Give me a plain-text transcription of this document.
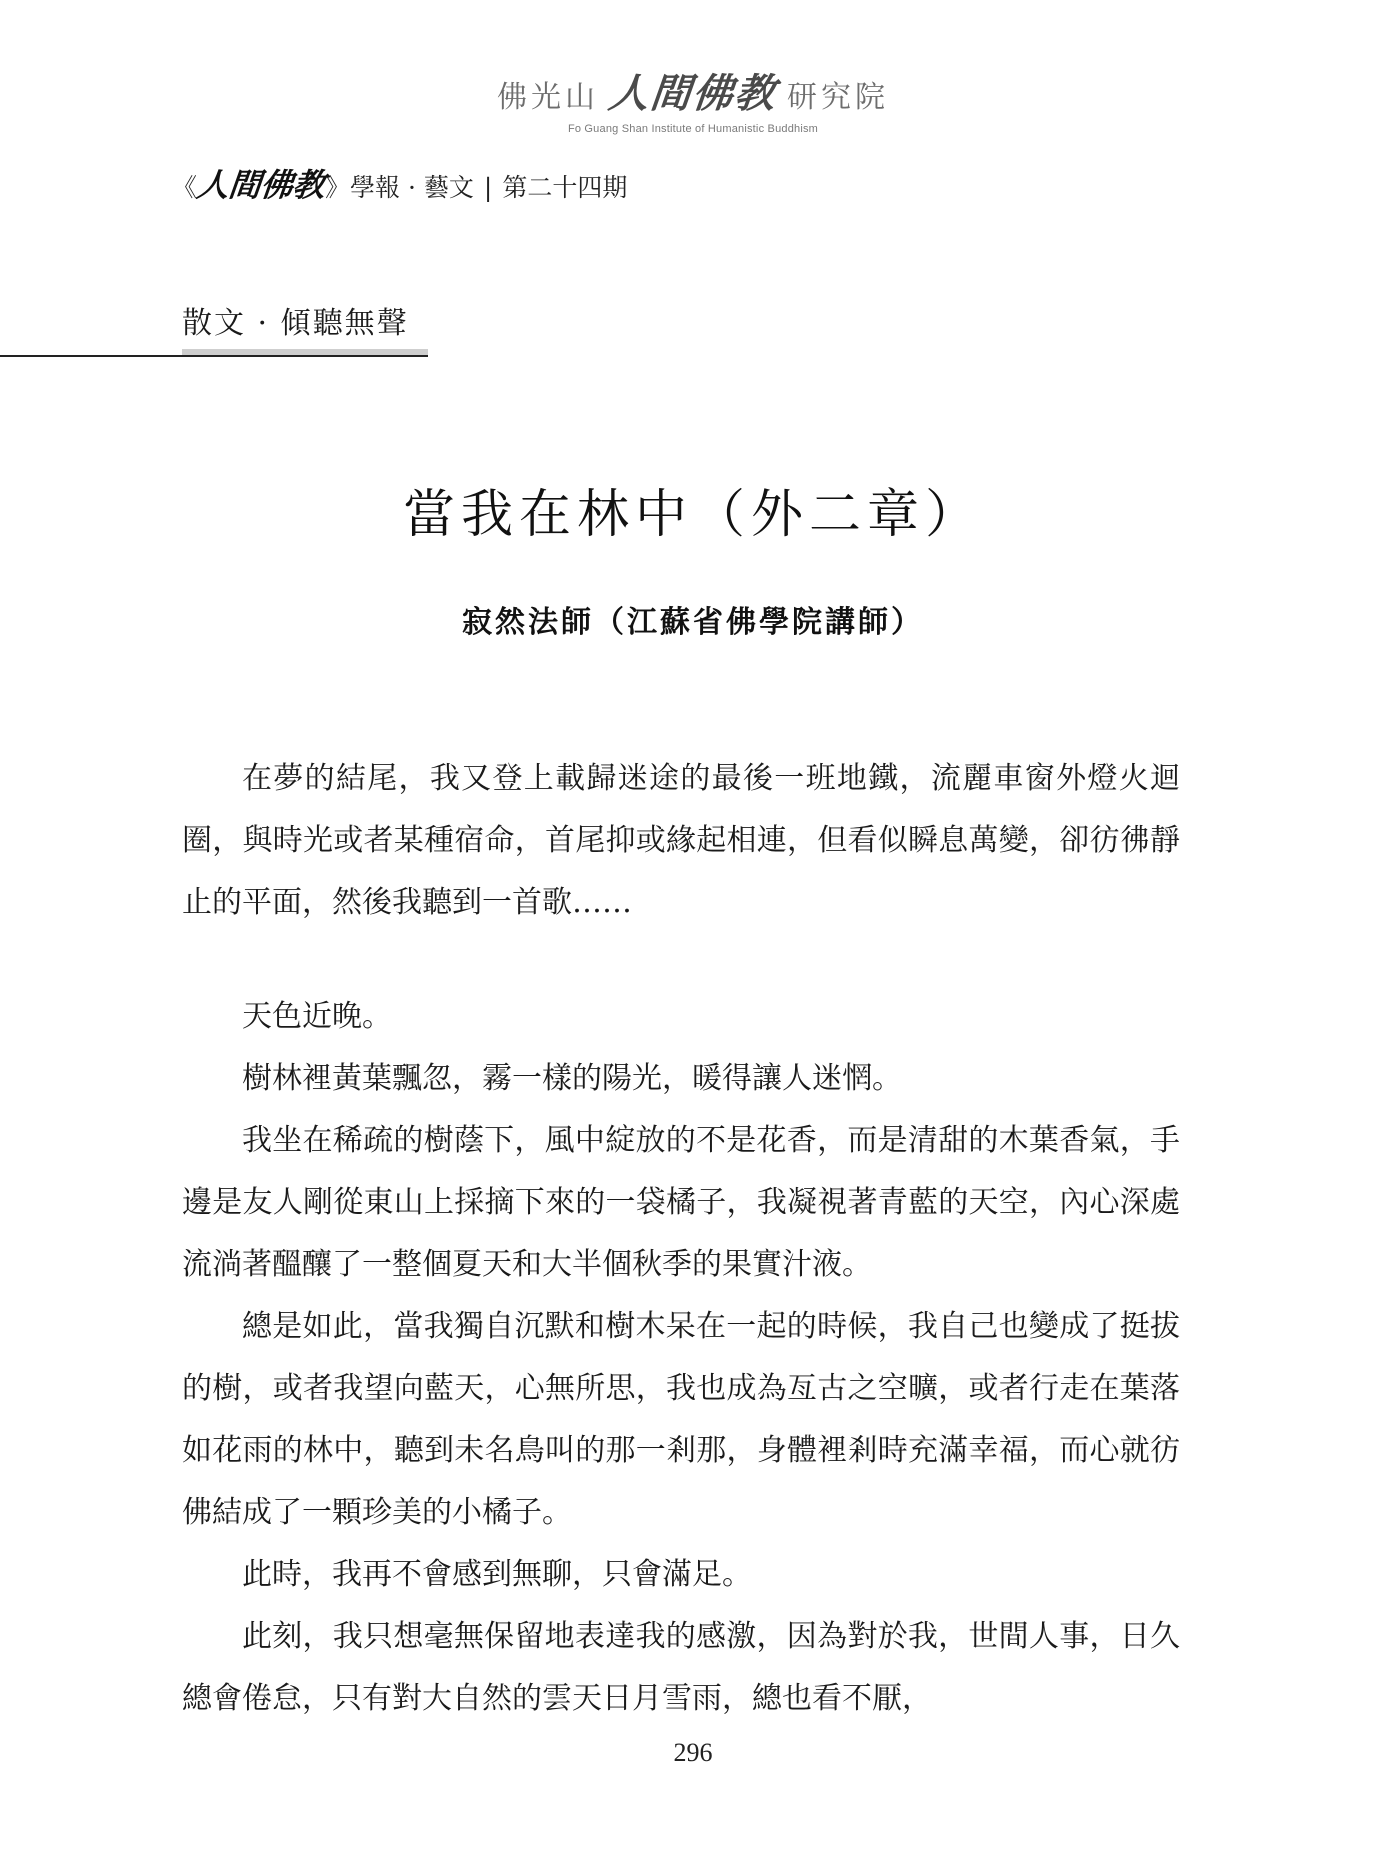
佛光山 人間佛教 研究院
Fo Guang Shan Institute of Humanistic Buddhism
《
人間佛教
》 學報 · 藝文 | 第二十四期
散文 · 傾聽無聲
當我在林中（外二章）
寂然法師（江蘇省佛學院講師）

在夢的結尾，我又登上載歸迷途的最後一班地鐵，流麗車窗外燈火迴圈，與時光或者某種宿命，首尾抑或緣起相連，但看似瞬息萬變，卻彷彿靜止的平面，然後我聽到一首歌……

天色近晚。

樹林裡黃葉飄忽，霧一樣的陽光，暖得讓人迷惘。

我坐在稀疏的樹蔭下，風中綻放的不是花香，而是清甜的木葉香氣，手邊是友人剛從東山上採摘下來的一袋橘子，我凝視著青藍的天空，內心深處流淌著醞釀了一整個夏天和大半個秋季的果實汁液。

總是如此，當我獨自沉默和樹木呆在一起的時候，我自己也變成了挺拔的樹，或者我望向藍天，心無所思，我也成為亙古之空曠，或者行走在葉落如花雨的林中，聽到未名鳥叫的那一剎那，身體裡剎時充滿幸福，而心就彷佛結成了一顆珍美的小橘子。

此時，我再不會感到無聊，只會滿足。

此刻，我只想毫無保留地表達我的感激，因為對於我，世間人事，日久總會倦怠，只有對大自然的雲天日月雪雨，總也看不厭，

296
